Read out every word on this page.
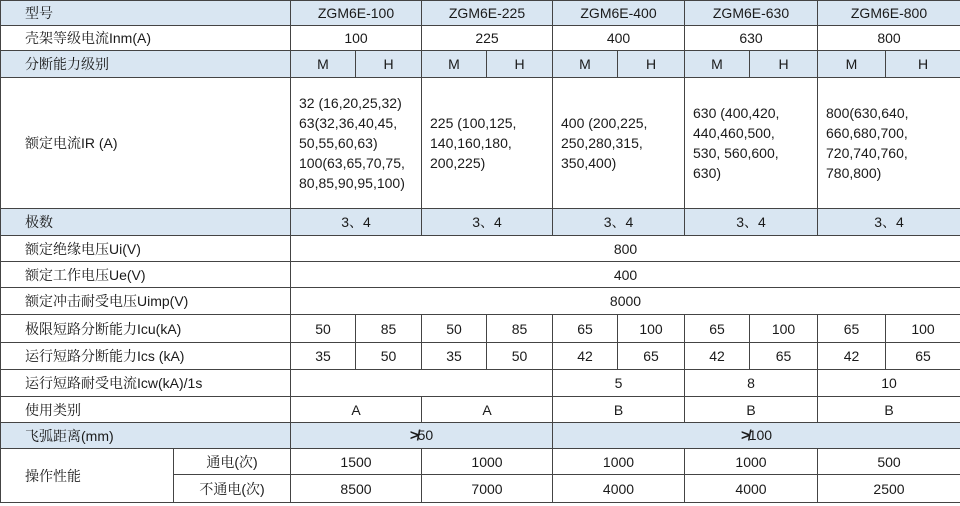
型号		ZGM6E-100		ZGM6E-225		ZGM6E-400		ZGM6E-630		ZGM6E-800	
壳架等级电流Inm(A)		100		225		400		630		800	
分断能力级别		M	H	M	H	M	H	M	H	M	H
额定电流IR (A)		32 (16,20,25,32)
63(32,36,40,45,
50,55,60,63)
100(63,65,70,75,
80,85,90,95,100)		225 (100,125,
140,160,180,
200,225)		400 (200,225,
250,280,315,
350,400)		630 (400,420,
440,460,500,
530, 560,600,
630)		800(630,640,
660,680,700,
720,740,760,
780,800)	

极数		3、4		3、4		3、4		3、4		3、4	
额定绝缘电压Ui(V)		800									
额定工作电压Ue(V)		400									
额定冲击耐受电压Uimp(V)		8000									
极限短路分断能力Icu(kA)		50	85	50	85	65	100	65	100	65	100
运行短路分断能力Ics (kA)		35	50	35	50	42	65	42	65	42	65
运行短路耐受电流Icw(kA)/1s						5		8		10	
使用类别		A		A		B		B		B	
飞弧距离(mm)		≯50				≯100					
操作性能	通电(次)	1500		1000		1000		1000		500	
	不通电(次)	8500		7000		4000		4000		2500	
